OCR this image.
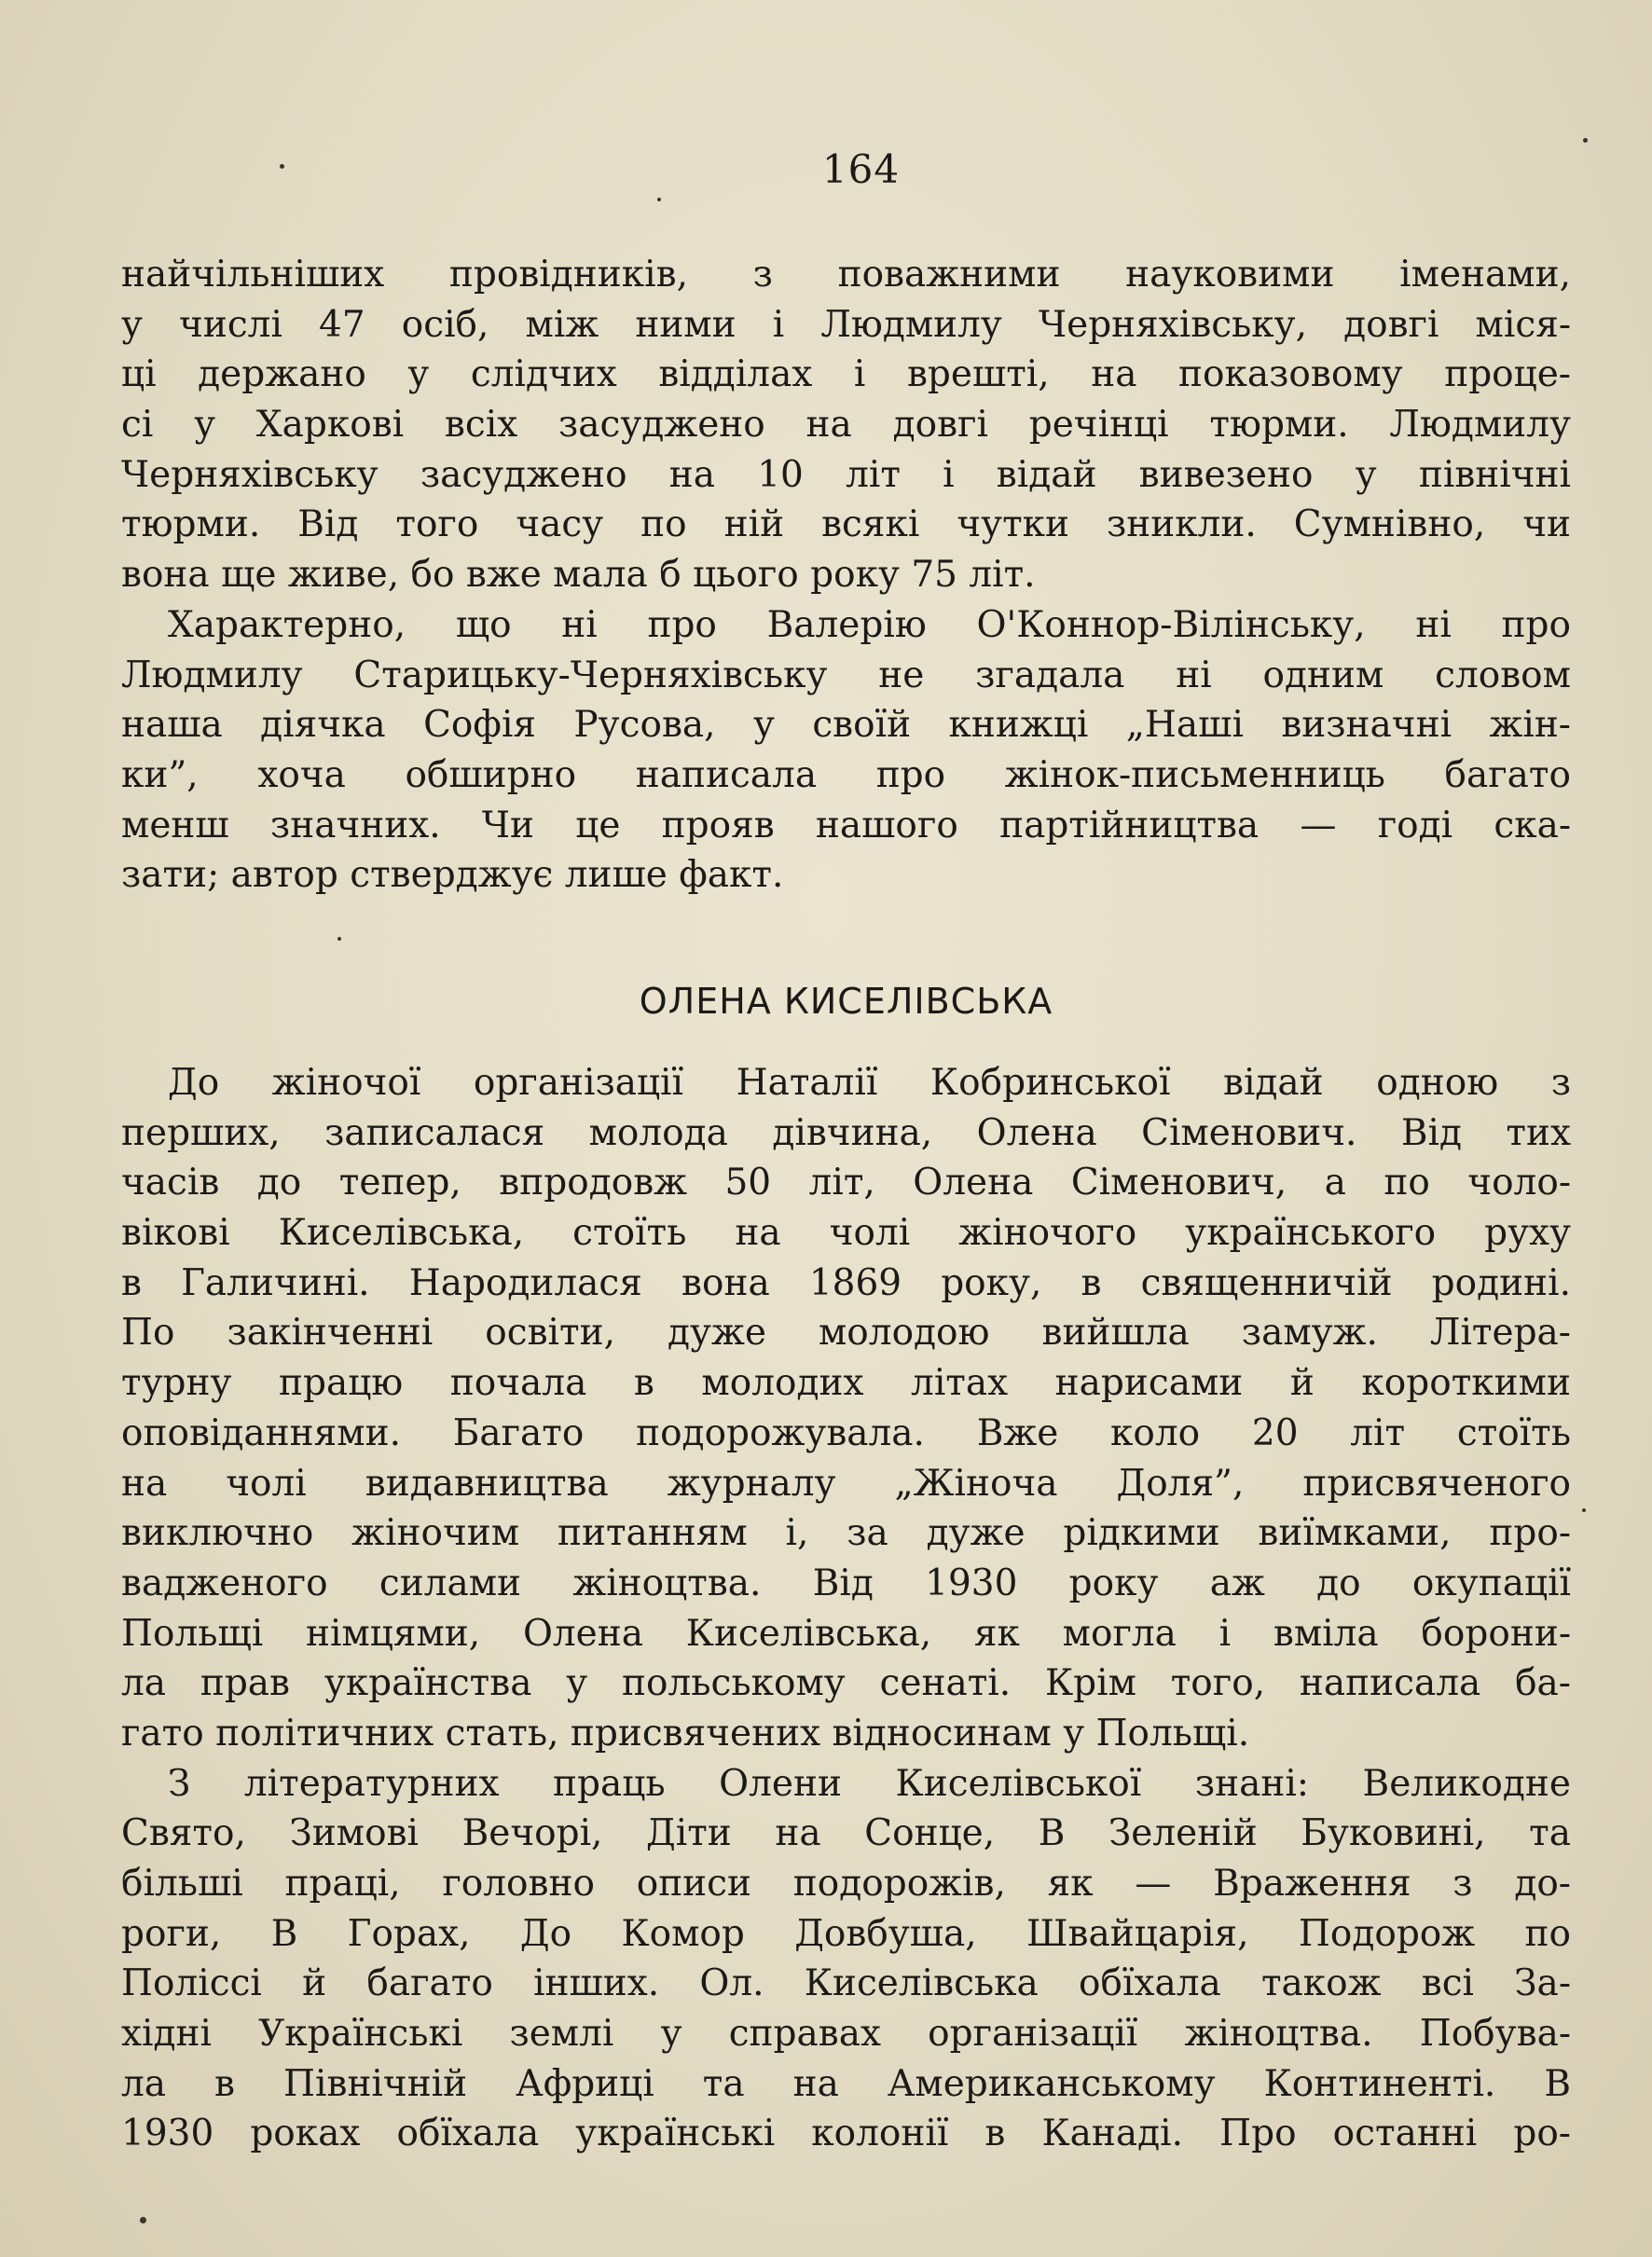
164
найчільніших провідників, з поважними науковими іменами,
у числі 47 осіб, між ними і Людмилу Черняхівську, довгі міся-
ці держано у слідчих відділах і врешті, на показовому проце-
сі у Харкові всіх засуджено на довгі речінці тюрми. Людмилу
Черняхівську засуджено на 10 літ і відай вивезено у північні
тюрми. Від того часу по ній всякі чутки зникли. Сумнівно, чи
вона ще живе, бо вже мала б цього року 75 літ.
Характерно, що ні про Валерію О'Коннор-Вілінську, ні про
Людмилу Старицьку-Черняхівську не згадала ні одним словом
наша діячка Софія Русова, у своїй книжці „Наші визначні жін-
ки”, хоча обширно написала про жінок-письменниць багато
менш значних. Чи це прояв нашого партійництва — годі ска-
зати; автор стверджує лише факт.
ОЛЕНА КИСЕЛІВСЬКА
До жіночої організації Наталії Кобринської відай одною з
перших, записалася молода дівчина, Олена Сіменович. Від тих
часів до тепер, впродовж 50 літ, Олена Сіменович, а по чоло-
вікові Киселівська, стоїть на чолі жіночого українського руху
в Галичині. Народилася вона 1869 року, в священничій родині.
По закінченні освіти, дуже молодою вийшла замуж. Літера-
турну працю почала в молодих літах нарисами й короткими
оповіданнями. Багато подорожувала. Вже коло 20 літ стоїть
на чолі видавництва журналу „Жіноча Доля”, присвяченого
виключно жіночим питанням і, за дуже рідкими виїмками, про-
вадженого силами жіноцтва. Від 1930 року аж до окупації
Польщі німцями, Олена Киселівська, як могла і вміла борони-
ла прав українства у польському сенаті. Крім того, написала ба-
гато політичних стать, присвячених відносинам у Польщі.
З літературних праць Олени Киселівської знані: Великодне
Свято, Зимові Вечорі, Діти на Сонце, В Зеленій Буковині, та
більші праці, головно описи подорожів, як — Враження з до-
роги, В Горах, До Комор Довбуша, Швайцарія, Подорож по
Поліссі й багато інших. Ол. Киселівська обїхала також всі За-
хідні Українські землі у справах організації жіноцтва. Побува-
ла в Північній Африці та на Американському Континенті. В
1930 роках обїхала українські колонії в Канаді. Про останні ро-
